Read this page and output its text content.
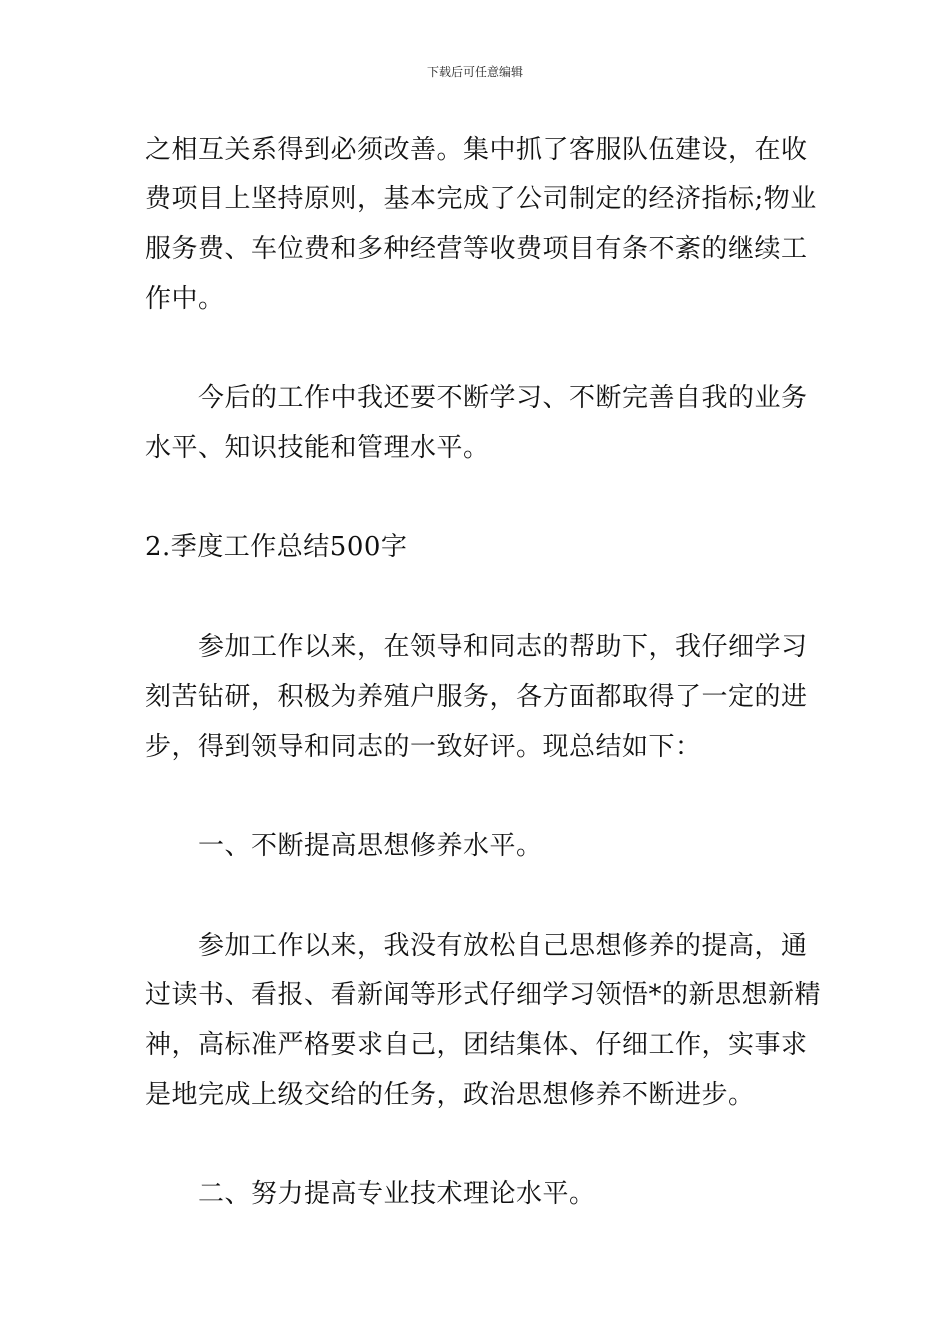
下载后可任意编辑
之相互关系得到必须改善。集中抓了客服队伍建设，在收
费项目上坚持原则，基本完成了公司制定的经济指标;物业
服务费、车位费和多种经营等收费项目有条不紊的继续工
作中。
　　今后的工作中我还要不断学习、不断完善自我的业务
水平、知识技能和管理水平。
2.季度工作总结500字
　　参加工作以来，在领导和同志的帮助下，我仔细学习
刻苦钻研，积极为养殖户服务，各方面都取得了一定的进
步，得到领导和同志的一致好评。现总结如下：
　　一、不断提高思想修养水平。
　　参加工作以来，我没有放松自己思想修养的提高，通
过读书、看报、看新闻等形式仔细学习领悟*的新思想新精
神，高标准严格要求自己，团结集体、仔细工作，实事求
是地完成上级交给的任务，政治思想修养不断进步。
　　二、努力提高专业技术理论水平。
